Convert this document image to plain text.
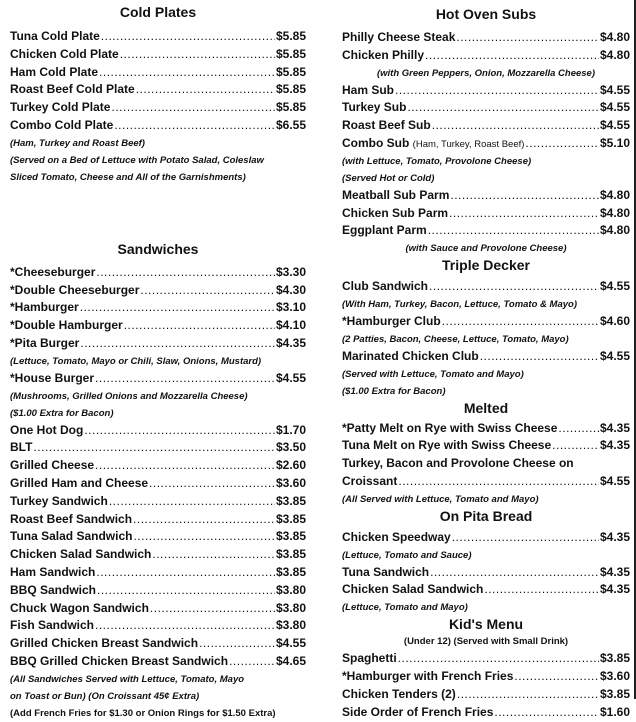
Cold Plates
Tuna Cold Plate .....	$5.85
Chicken Cold Plate .....	$5.85
Ham Cold Plate .....	$5.85
Roast Beef Cold Plate .....	$5.85
Turkey Cold Plate .....	$5.85
Combo Cold Plate .....	$6.55
(Ham, Turkey and Roast Beef)
(Served on a Bed of Lettuce with Potato Salad, Coleslaw
Sliced Tomato, Cheese and All of the Garnishments)
Sandwiches
*Cheeseburger .....	$3.30
*Double Cheeseburger .....	$4.30
*Hamburger .....	$3.10
*Double Hamburger .....	$4.10
*Pita Burger .....	$4.35
(Lettuce, Tomato, Mayo or Chili, Slaw, Onions, Mustard)
*House Burger .....	$4.55
(Mushrooms, Grilled Onions and Mozzarella Cheese)
($1.00 Extra for Bacon)
One Hot Dog .....	$1.70
BLT .....	$3.50
Grilled Cheese .....	$2.60
Grilled Ham and Cheese .....	$3.60
Turkey Sandwich .....	$3.85
Roast Beef Sandwich .....	$3.85
Tuna Salad Sandwich .....	$3.85
Chicken Salad Sandwich .....	$3.85
Ham Sandwich .....	$3.85
BBQ Sandwich .....	$3.80
Chuck Wagon Sandwich .....	$3.80
Fish Sandwich .....	$3.80
Grilled Chicken Breast Sandwich .....	$4.55
BBQ Grilled Chicken Breast Sandwich .....	$4.65
(All Sandwiches Served with Lettuce, Tomato, Mayo
on Toast or Bun) (On Croissant 45¢ Extra)
(Add French Fries for $1.30 or Onion Rings for $1.50 Extra)
Hot Oven Subs
Philly Cheese Steak .....	$4.80
Chicken Philly .....	$4.80
(with Green Peppers, Onion, Mozzarella Cheese)
Ham Sub .....	$4.55
Turkey Sub .....	$4.55
Roast Beef Sub .....	$4.55
Combo Sub (Ham, Turkey, Roast Beef) .....	$5.10
(with Lettuce, Tomato, Provolone Cheese)
(Served Hot or Cold)
Meatball Sub Parm .....	$4.80
Chicken Sub Parm .....	$4.80
Eggplant Parm .....	$4.80
(with Sauce and Provolone Cheese)
Triple Decker
Club Sandwich .....	$4.55
(With Ham, Turkey, Bacon, Lettuce, Tomato & Mayo)
*Hamburger Club .....	$4.60
(2 Patties, Bacon, Cheese, Lettuce, Tomato, Mayo)
Marinated Chicken Club .....	$4.55
(Served with Lettuce, Tomato and Mayo)
($1.00 Extra for Bacon)
Melted
*Patty Melt on Rye with Swiss Cheese .....	$4.35
Tuna Melt on Rye with Swiss Cheese .....	$4.35
Turkey, Bacon and Provolone Cheese on
Croissant .....	$4.55
(All Served with Lettuce, Tomato and Mayo)
On Pita Bread
Chicken Speedway .....	$4.35
(Lettuce, Tomato and Sauce)
Tuna Sandwich .....	$4.35
Chicken Salad Sandwich .....	$4.35
(Lettuce, Tomato and Mayo)
Kid's Menu
(Under 12) (Served with Small Drink)
Spaghetti .....	$3.85
*Hamburger with French Fries .....	$3.60
Chicken Tenders (2) .....	$3.85
Side Order of French Fries .....	$1.60
